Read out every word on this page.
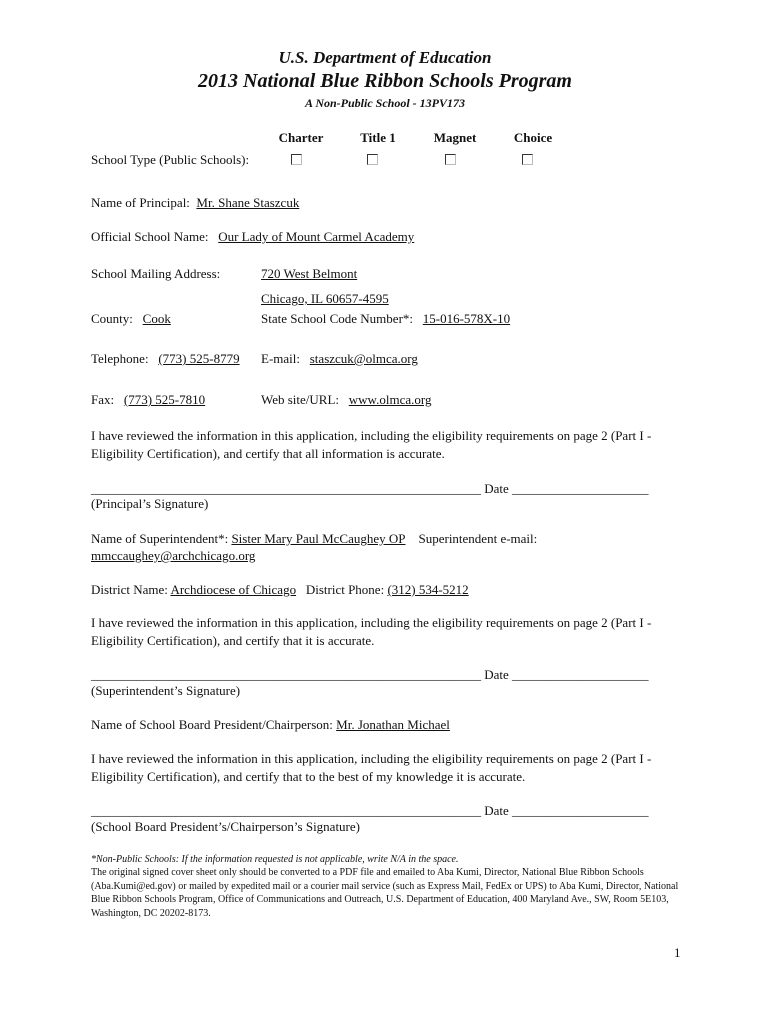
U.S. Department of Education
2013 National Blue Ribbon Schools Program
A Non-Public School - 13PV173
Charter	Title 1	Magnet	Choice
School Type (Public Schools):
Name of Principal: Mr. Shane Staszcuk
Official School Name: Our Lady of Mount Carmel Academy
School Mailing Address:	720 West Belmont
Chicago, IL 60657-4595
County: Cook	State School Code Number*: 15-016-578X-10
Telephone: (773) 525-8779 E-mail: staszcuk@olmca.org
Fax: (773) 525-7810	Web site/URL: www.olmca.org
I have reviewed the information in this application, including the eligibility requirements on page 2 (Part I - Eligibility Certification), and certify that all information is accurate.
____________________________________________________________ Date _____________________
(Principal’s Signature)
Name of Superintendent*: Sister Mary Paul McCaughey OP Superintendent e-mail:
mmccaughey@archchicago.org
District Name: Archdiocese of Chicago District Phone: (312) 534-5212
I have reviewed the information in this application, including the eligibility requirements on page 2 (Part I - Eligibility Certification), and certify that it is accurate.
____________________________________________________________ Date _____________________
(Superintendent’s Signature)
Name of School Board President/Chairperson: Mr. Jonathan Michael
I have reviewed the information in this application, including the eligibility requirements on page 2 (Part I - Eligibility Certification), and certify that to the best of my knowledge it is accurate.
____________________________________________________________ Date _____________________
(School Board President’s/Chairperson’s Signature)
*Non-Public Schools: If the information requested is not applicable, write N/A in the space.
The original signed cover sheet only should be converted to a PDF file and emailed to Aba Kumi, Director, National Blue Ribbon Schools (Aba.Kumi@ed.gov) or mailed by expedited mail or a courier mail service (such as Express Mail, FedEx or UPS) to Aba Kumi, Director, National Blue Ribbon Schools Program, Office of Communications and Outreach, U.S. Department of Education, 400 Maryland Ave., SW, Room 5E103, Washington, DC 20202-8173.
1
